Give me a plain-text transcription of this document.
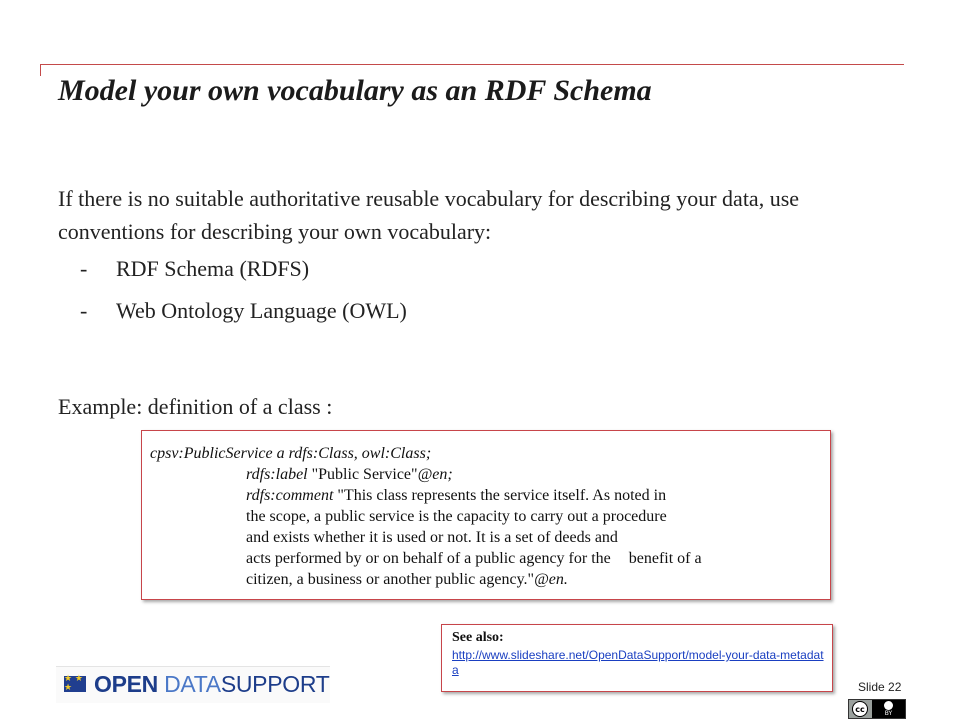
Model your own vocabulary as an RDF Schema

If there is no suitable authoritative reusable vocabulary for describing your data, use conventions for describing your own vocabulary:

-	RDF Schema (RDFS)
-	Web Ontology Language (OWL)
Example: definition of a class :
cpsv:PublicService a rdfs:Class, owl:Class;
rdfs:label "Public Service"@en;
rdfs:comment "This class represents the service itself. As noted in
the scope, a public service is the capacity to carry out a procedure
and exists whether it is used or not. It is a set of deeds and
acts performed by or on behalf of a public agency for the benefit of a
citizen, a business or another public agency."@en.
See also:
http://www.slideshare.net/OpenDataSupport/model-your-data-metadata
★ ★ ★ OPEN DATASUPPORT	Slide 22
cc	BY
